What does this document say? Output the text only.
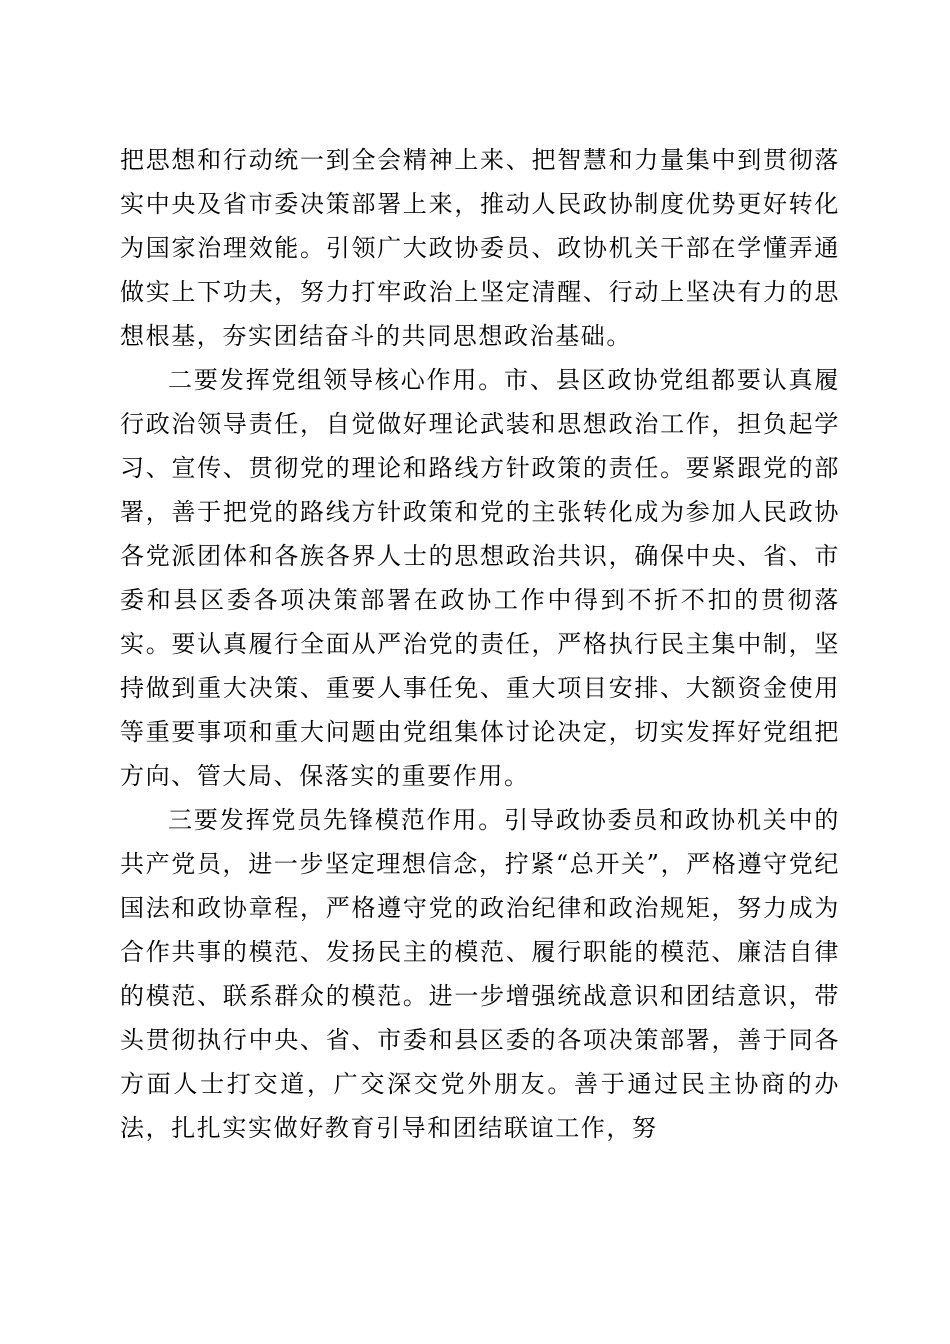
把思想和行动统一到全会精神上来、把智慧和力量集中到贯彻落实中央及省市委决策部署上来，推动人民政协制度优势更好转化为国家治理效能。引领广大政协委员、政协机关干部在学懂弄通做实上下功夫，努力打牢政治上坚定清醒、行动上坚决有力的思想根基，夯实团结奋斗的共同思想政治基础。

二要发挥党组领导核心作用。市、县区政协党组都要认真履行政治领导责任，自觉做好理论武装和思想政治工作，担负起学习、宣传、贯彻党的理论和路线方针政策的责任。要紧跟党的部署，善于把党的路线方针政策和党的主张转化成为参加人民政协各党派团体和各族各界人士的思想政治共识，确保中央、省、市委和县区委各项决策部署在政协工作中得到不折不扣的贯彻落实。要认真履行全面从严治党的责任，严格执行民主集中制，坚持做到重大决策、重要人事任免、重大项目安排、大额资金使用等重要事项和重大问题由党组集体讨论决定，切实发挥好党组把方向、管大局、保落实的重要作用。

三要发挥党员先锋模范作用。引导政协委员和政协机关中的共产党员，进一步坚定理想信念，拧紧“总开关”，严格遵守党纪国法和政协章程，严格遵守党的政治纪律和政治规矩，努力成为合作共事的模范、发扬民主的模范、履行职能的模范、廉洁自律的模范、联系群众的模范。进一步增强统战意识和团结意识，带头贯彻执行中央、省、市委和县区委的各项决策部署，善于同各方面人士打交道，广交深交党外朋友。善于通过民主协商的办法，扎扎实实做好教育引导和团结联谊工作，努
